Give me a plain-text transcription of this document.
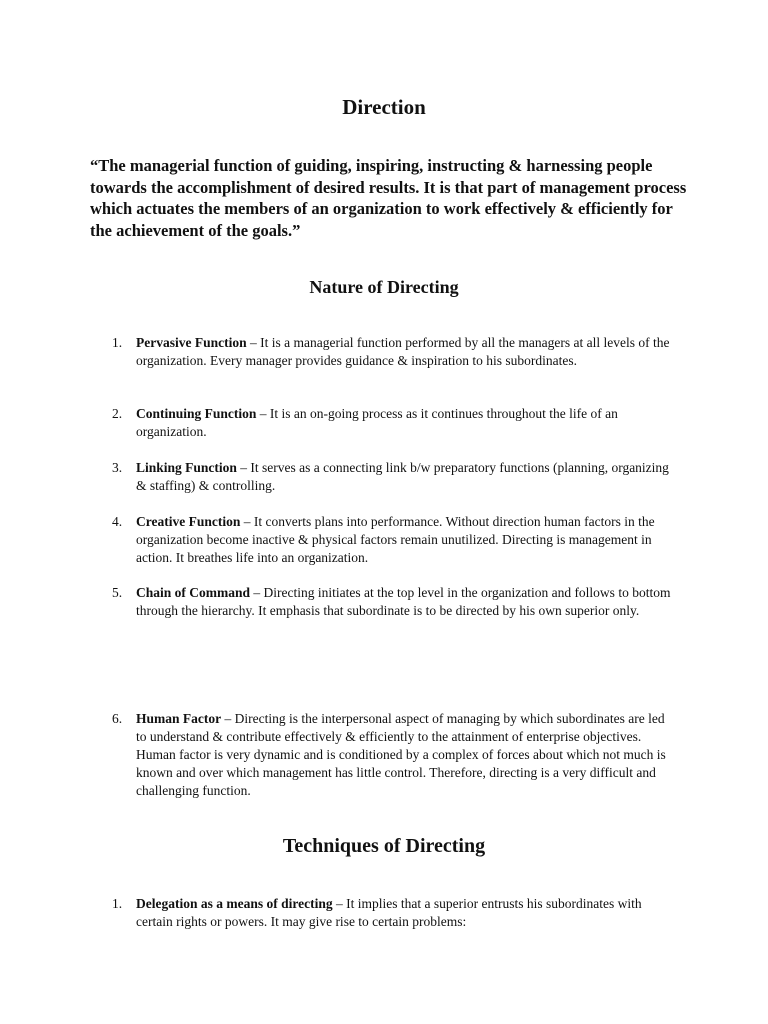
Direction

“The managerial function of guiding, inspiring, instructing & harnessing people towards the accomplishment of desired results. It is that part of management process which actuates the members of an organization to work effectively & efficiently for the achievement of the goals.”

Nature of Directing
1.	Pervasive Function – It is a managerial function performed by all the managers at all levels of the organization. Every manager provides guidance & inspiration to his subordinates.
2.	Continuing Function – It is an on-going process as it continues throughout the life of an organization.
3.	Linking Function – It serves as a connecting link b/w preparatory functions (planning, organizing & staffing) & controlling.
4.	Creative Function – It converts plans into performance. Without direction human factors in the organization become inactive & physical factors remain unutilized. Directing is management in action. It breathes life into an organization.
5.	Chain of Command – Directing initiates at the top level in the organization and follows to bottom through the hierarchy. It emphasis that subordinate is to be directed by his own superior only.
6.	Human Factor – Directing is the interpersonal aspect of managing by which subordinates are led to understand & contribute effectively & efficiently to the attainment of enterprise objectives. Human factor is very dynamic and is conditioned by a complex of forces about which not much is known and over which management has little control. Therefore, directing is a very difficult and challenging function.
Techniques of Directing
1.	Delegation as a means of directing – It implies that a superior entrusts his subordinates with certain rights or powers. It may give rise to certain problems:
